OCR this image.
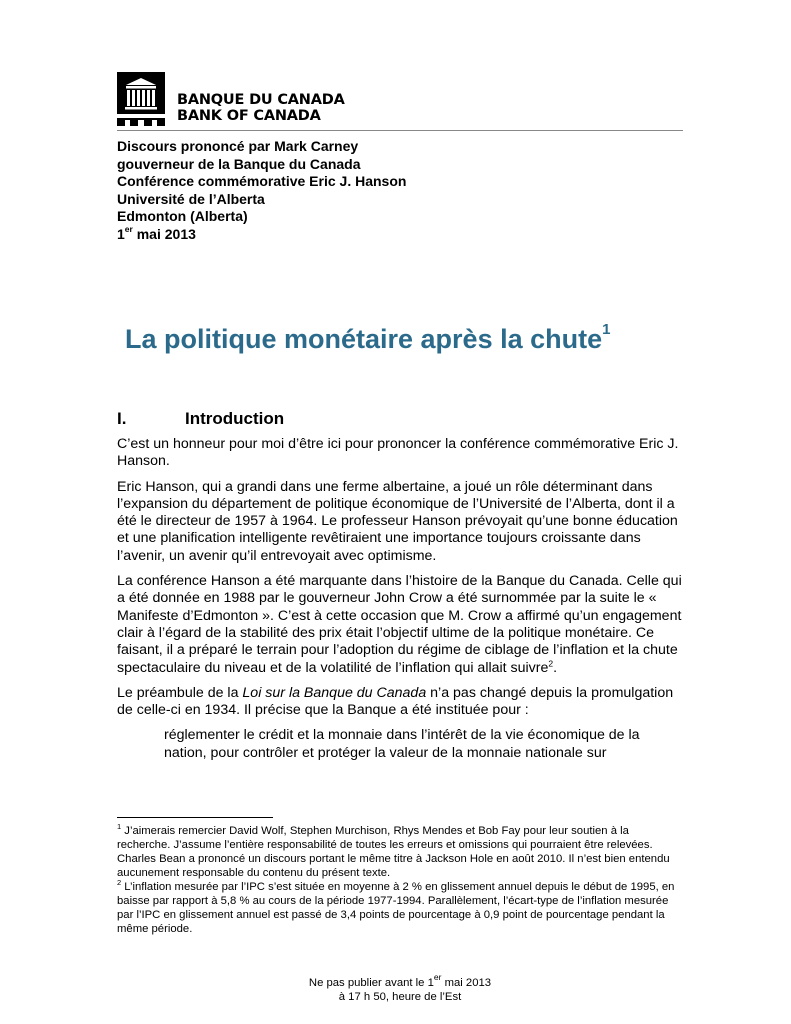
BANQUE DU CANADA
BANK OF CANADA
Discours prononcé par Mark Carney
gouverneur de la Banque du Canada
Conférence commémorative Eric J. Hanson
Université de l’Alberta
Edmonton (Alberta)
1er mai 2013
La politique monétaire après la chute$^1$
I.	Introduction

C’est un honneur pour moi d’être ici pour prononcer la conférence commémorative Eric J. Hanson.

Eric Hanson, qui a grandi dans une ferme albertaine, a joué un rôle déterminant dans l’expansion du département de politique économique de l’Université de l’Alberta, dont il a été le directeur de 1957 à 1964. Le professeur Hanson prévoyait qu’une bonne éducation et une planification intelligente revêtiraient une importance toujours croissante dans l’avenir, un avenir qu’il entrevoyait avec optimisme.

La conférence Hanson a été marquante dans l’histoire de la Banque du Canada. Celle qui a été donnée en 1988 par le gouverneur John Crow a été surnommée par la suite le « Manifeste d’Edmonton ». C’est à cette occasion que M. Crow a affirmé qu’un engagement clair à l’égard de la stabilité des prix était l’objectif ultime de la politique monétaire. Ce faisant, il a préparé le terrain pour l’adoption du régime de ciblage de l’inflation et la chute spectaculaire du niveau et de la volatilité de l’inflation qui allait suivre$^2$.

Le préambule de la Loi sur la Banque du Canada n’a pas changé depuis la promulgation de celle-ci en 1934. Il précise que la Banque a été instituée pour :

réglementer le crédit et la monnaie dans l’intérêt de la vie économique de la nation, pour contrôler et protéger la valeur de la monnaie nationale sur

$^1$ J’aimerais remercier David Wolf, Stephen Murchison, Rhys Mendes et Bob Fay pour leur soutien à la recherche. J’assume l’entière responsabilité de toutes les erreurs et omissions qui pourraient être relevées. Charles Bean a prononcé un discours portant le même titre à Jackson Hole en août 2010. Il n’est bien entendu aucunement responsable du contenu du présent texte.

$^2$ L’inflation mesurée par l’IPC s’est située en moyenne à 2 % en glissement annuel depuis le début de 1995, en baisse par rapport à 5,8 % au cours de la période 1977-1994. Parallèlement, l’écart-type de l’inflation mesurée par l’IPC en glissement annuel est passé de 3,4 points de pourcentage à 0,9 point de pourcentage pendant la même période.

Ne pas publier avant le 1er mai 2013
à 17 h 50, heure de l’Est
